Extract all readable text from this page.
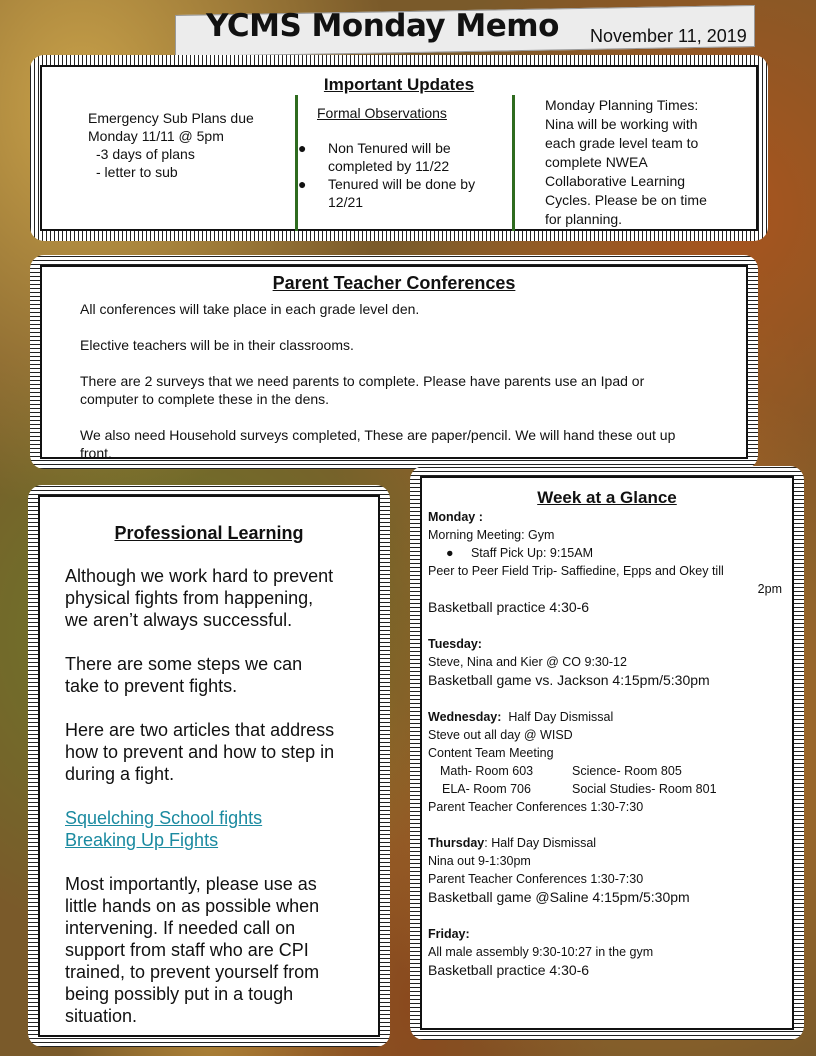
YCMS Monday Memo November 11, 2019
Important Updates
Emergency Sub Plans due
Monday 11/11 @ 5pm
-3 days of plans
- letter to sub
Formal Observations
● Non Tenured will be
completed by 11/22
● Tenured will be done by
12/21
Monday Planning Times:
Nina will be working with
each grade level team to
complete NWEA
Collaborative Learning
Cycles. Please be on time
for planning.
Parent Teacher Conferences

All conferences will take place in each grade level den.

Elective teachers will be in their classrooms.

There are 2 surveys that we need parents to complete. Please have parents use an Ipad or

computer to complete these in the dens.

We also need Household surveys completed, These are paper/pencil. We will hand these out up

front.

Professional Learning
Although we work hard to prevent
physical fights from happening,
we aren’t always successful.
There are some steps we can
take to prevent fights.
Here are two articles that address
how to prevent and how to step in
during a fight.
Squelching School fights
Breaking Up Fights
Most importantly, please use as
little hands on as possible when
intervening. If needed call on
support from staff who are CPI
trained, to prevent yourself from
being possibly put in a tough
situation.
Week at a Glance
Monday :
Morning Meeting: Gym
● Staff Pick Up: 9:15AM
Peer to Peer Field Trip- Saffiedine, Epps and Okey till
2pm
Basketball practice 4:30-6
Tuesday:
Steve, Nina and Kier @ CO 9:30-12
Basketball game vs. Jackson 4:15pm/5:30pm
Wednesday: Half Day Dismissal
Steve out all day @ WISD
Content Team Meeting
Math- Room 603	Science- Room 805
ELA- Room 706	Social Studies- Room 801
Parent Teacher Conferences 1:30-7:30
Thursday: Half Day Dismissal
Nina out 9-1:30pm
Parent Teacher Conferences 1:30-7:30
Basketball game @Saline 4:15pm/5:30pm
Friday:
All male assembly 9:30-10:27 in the gym
Basketball practice 4:30-6
